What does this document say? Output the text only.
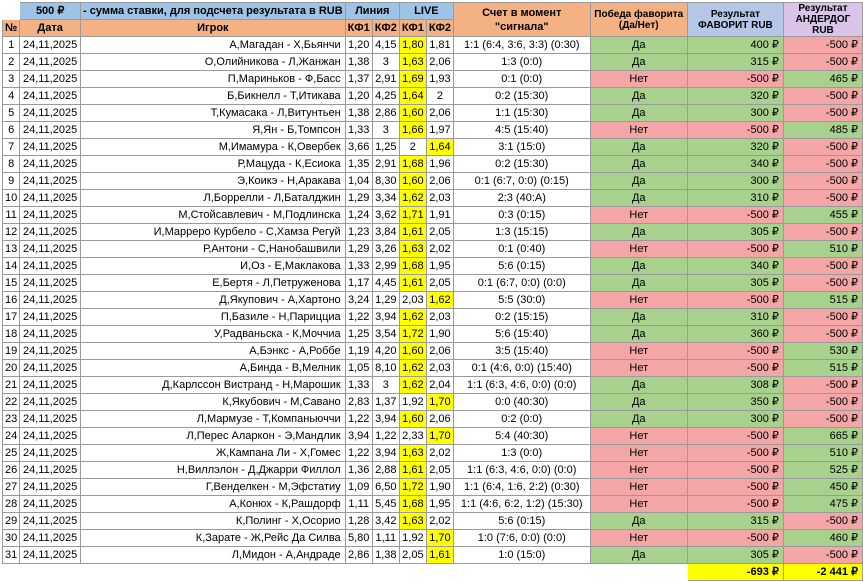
	500 ₽	- сумма ставки, для подсчета результата в RUB	Линия		LIVE		Счет в момент "сигнала"	Победа фаворита (Да/Нет)	Результат ФАВОРИТ RUB	Результат АНДЕРДОГ RUB
№	Дата	Игрок	КФ1	КФ2	КФ1	КФ2				
1	24,11,2025	А,Магадан - Х,Бьянчи	1,20	4,15	1,80	1,81	1:1 (6:4, 3:6, 3:3) (0:30)	Да	400 ₽	-500 ₽
2	24,11,2025	О,Олийникова - Л,Жанжан	1,38	3	1,63	2,06	1:3 (0:0)	Да	315 ₽	-500 ₽
3	24,11,2025	П,Мариньков - Ф,Басс	1,37	2,91	1,69	1,93	0:1 (0:0)	Нет	-500 ₽	465 ₽
4	24,11,2025	Б,Бикнелл - Т,Итикава	1,20	4,25	1,64	2	0:2 (15:30)	Да	320 ₽	-500 ₽
5	24,11,2025	Т,Кумасака - Л,Витунтьен	1,38	2,86	1,60	2,06	1:1 (15:30)	Да	300 ₽	-500 ₽
6	24,11,2025	Я,Ян - Б,Томпсон	1,33	3	1,66	1,97	4:5 (15:40)	Нет	-500 ₽	485 ₽
7	24,11,2025	М,Имамура - К,Овербек	3,66	1,25	2	1,64	3:1 (15:0)	Да	320 ₽	-500 ₽
8	24,11,2025	Р,Мацуда - К,Есиока	1,35	2,91	1,68	1,96	0:2 (15:30)	Да	340 ₽	-500 ₽
9	24,11,2025	Э,Коикэ - Н,Аракава	1,04	8,30	1,60	2,06	0:1 (6:7, 0:0) (0:15)	Да	300 ₽	-500 ₽
10	24,11,2025	Л,Боррелли - Л,Баталджин	1,29	3,34	1,62	2,03	2:3 (40:A)	Да	310 ₽	-500 ₽
11	24,11,2025	М,Стойсавлевич - М,Подлинска	1,24	3,62	1,71	1,91	0:3 (0:15)	Нет	-500 ₽	455 ₽
12	24,11,2025	И,Марреро Курбело - С,Хамза Регуй	1,23	3,84	1,61	2,05	1:3 (15:15)	Да	305 ₽	-500 ₽
13	24,11,2025	Р,Антони - С,Нанобашвили	1,29	3,26	1,63	2,02	0:1 (0:40)	Нет	-500 ₽	510 ₽
14	24,11,2025	И,Оз - Е,Маклакова	1,33	2,99	1,68	1,95	5:6 (0:15)	Да	340 ₽	-500 ₽
15	24,11,2025	Е,Бертя - Л,Петруженова	1,17	4,45	1,61	2,05	0:1 (6:7, 0:0) (0:0)	Да	305 ₽	-500 ₽
16	24,11,2025	Д,Якупович - А,Хартоно	3,24	1,29	2,03	1,62	5:5 (30:0)	Нет	-500 ₽	515 ₽
17	24,11,2025	П,Базиле - Н,Парицциа	1,22	3,94	1,62	2,03	0:2 (15:15)	Да	310 ₽	-500 ₽
18	24,11,2025	У,Радваньска - К,Моччиа	1,25	3,54	1,72	1,90	5:6 (15:40)	Да	360 ₽	-500 ₽
19	24,11,2025	А,Бэнкс - А,Роббе	1,19	4,20	1,60	2,06	3:5 (15:40)	Нет	-500 ₽	530 ₽
20	24,11,2025	А,Бинда - В,Мелник	1,05	8,10	1,62	2,03	0:1 (4:6, 0:0) (15:40)	Нет	-500 ₽	515 ₽
21	24,11,2025	Д,Карлссон Вистранд - Н,Марошик	1,33	3	1,62	2,04	1:1 (6:3, 4:6, 0:0) (0:0)	Да	308 ₽	-500 ₽
22	24,11,2025	К,Якубович - М,Савано	2,83	1,37	1,92	1,70	0:0 (40:30)	Да	350 ₽	-500 ₽
23	24,11,2025	Л,Мармузе - Т,Компаньюччи	1,22	3,94	1,60	2,06	0:2 (0:0)	Да	300 ₽	-500 ₽
24	24,11,2025	Л,Перес Аларкон - Э,Мандлик	3,94	1,22	2,33	1,70	5:4 (40:30)	Нет	-500 ₽	665 ₽
25	24,11,2025	Ж,Кампана Ли - Х,Гомес	1,22	3,94	1,63	2,02	1:3 (0:0)	Нет	-500 ₽	510 ₽
26	24,11,2025	Н,Виллэлон - Д,Джарри Филлол	1,36	2,88	1,61	2,05	1:1 (6:3, 4:6, 0:0) (0:0)	Нет	-500 ₽	525 ₽
27	24,11,2025	Г,Венделкен - М,Эфстатиу	1,09	6,50	1,72	1,90	1:1 (6:4, 1:6, 2:2) (0:30)	Нет	-500 ₽	450 ₽
28	24,11,2025	А,Конюх - К,Рашдорф	1,11	5,45	1,68	1,95	1:1 (4:6, 6:2, 1:2) (15:30)	Нет	-500 ₽	475 ₽
29	24,11,2025	К,Полинг - Х,Осорио	1,28	3,42	1,63	2,02	5:6 (0:15)	Да	315 ₽	-500 ₽
30	24,11,2025	К,Зарате - Ж,Рейс Да Силва	5,80	1,11	1,92	1,70	1:0 (7:6, 0:0) (0:0)	Нет	-500 ₽	460 ₽
31	24,11,2025	Л,Мидон - А,Андраде	2,86	1,38	2,05	1,61	1:0 (15:0)	Да	305 ₽	-500 ₽
									-693 ₽	-2 441 ₽
